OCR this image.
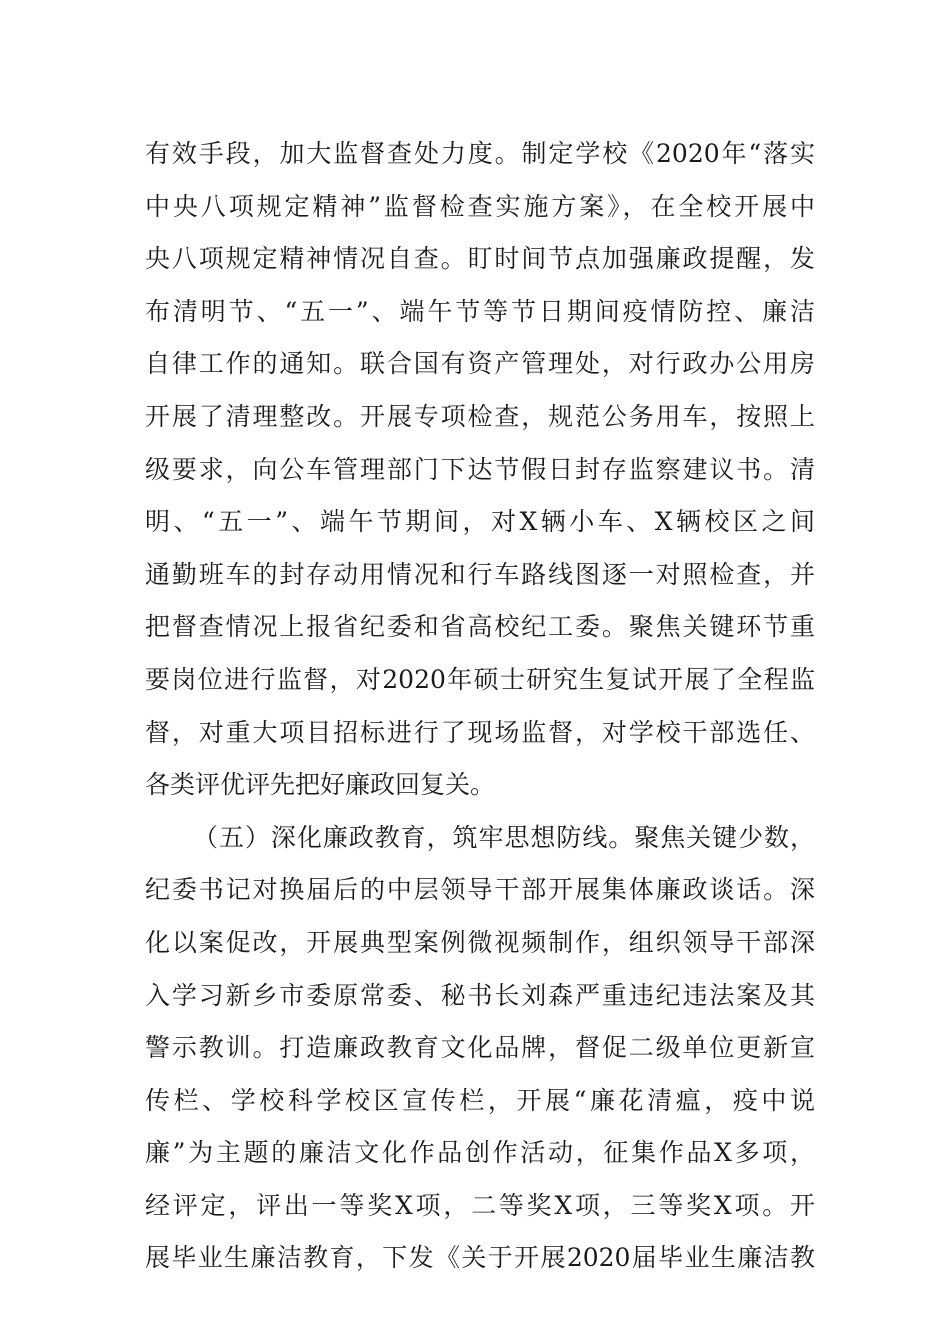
有效手段，加大监督查处力度。制定学校《2020年“落实
中央八项规定精神”监督检查实施方案》，在全校开展中
央八项规定精神情况自查。盯时间节点加强廉政提醒，发
布清明节、“五一”、端午节等节日期间疫情防控、廉洁
自律工作的通知。联合国有资产管理处，对行政办公用房
开展了清理整改。开展专项检查，规范公务用车，按照上
级要求，向公车管理部门下达节假日封存监察建议书。清
明、“五一”、端午节期间，对X辆小车、X辆校区之间
通勤班车的封存动用情况和行车路线图逐一对照检查，并
把督查情况上报省纪委和省高校纪工委。聚焦关键环节重
要岗位进行监督，对2020年硕士研究生复试开展了全程监
督，对重大项目招标进行了现场监督，对学校干部选任、
各类评优评先把好廉政回复关。
（五）深化廉政教育，筑牢思想防线。聚焦关键少数，
纪委书记对换届后的中层领导干部开展集体廉政谈话。深
化以案促改，开展典型案例微视频制作，组织领导干部深
入学习新乡市委原常委、秘书长刘森严重违纪违法案及其
警示教训。打造廉政教育文化品牌，督促二级单位更新宣
传栏、学校科学校区宣传栏，开展“廉花清瘟，疫中说
廉”为主题的廉洁文化作品创作活动，征集作品X多项，
经评定，评出一等奖X项，二等奖X项，三等奖X项。开
展毕业生廉洁教育，下发《关于开展2020届毕业生廉洁教
